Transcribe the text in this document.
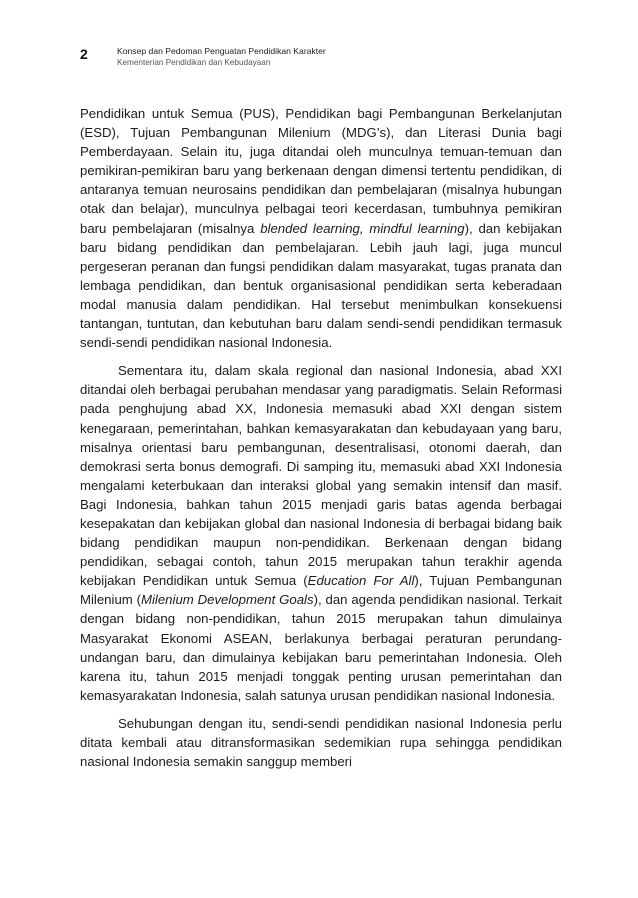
2	Konsep dan Pedoman Penguatan Pendidikan Karakter
Kementerian Pendidikan dan Kebudayaan

Pendidikan untuk Semua (PUS), Pendidikan bagi Pembangunan Berkelanjutan (ESD), Tujuan Pembangunan Milenium (MDG’s), dan Literasi Dunia bagi Pemberdayaan. Selain itu, juga ditandai oleh munculnya temuan-temuan dan pemikiran-pemikiran baru yang berkenaan dengan dimensi tertentu pendidikan, di antaranya temuan neurosains pendidikan dan pembelajaran (misalnya hubungan otak dan belajar), munculnya pelbagai teori kecerdasan, tumbuhnya pemikiran baru pembelajaran (misalnya blended learning, mindful learning), dan kebijakan baru bidang pendidikan dan pembelajaran. Lebih jauh lagi, juga muncul pergeseran peranan dan fungsi pendidikan dalam masyarakat, tugas pranata dan lembaga pendidikan, dan bentuk organisasional pendidikan serta keberadaan modal manusia dalam pendidikan. Hal tersebut menimbulkan konsekuensi tantangan, tuntutan, dan kebutuhan baru dalam sendi-sendi pendidikan termasuk sendi-sendi pendidikan nasional Indonesia.

Sementara itu, dalam skala regional dan nasional Indonesia, abad XXI ditandai oleh berbagai perubahan mendasar yang paradigmatis. Selain Reformasi pada penghujung abad XX, Indonesia memasuki abad XXI dengan sistem kenegaraan, pemerintahan, bahkan kemasyarakatan dan kebudayaan yang baru, misalnya orientasi baru pembangunan, desentralisasi, otonomi daerah, dan demokrasi serta bonus demografi. Di samping itu, memasuki abad XXI Indonesia mengalami keterbukaan dan interaksi global yang semakin intensif dan masif. Bagi Indonesia, bahkan tahun 2015 menjadi garis batas agenda berbagai kesepakatan dan kebijakan global dan nasional Indonesia di berbagai bidang baik bidang pendidikan maupun non-pendidikan. Berkenaan dengan bidang pendidikan, sebagai contoh, tahun 2015 merupakan tahun terakhir agenda kebijakan Pendidikan untuk Semua (Education For All), Tujuan Pembangunan Milenium (Milenium Development Goals), dan agenda pendidikan nasional. Terkait dengan bidang non-pendidikan, tahun 2015 merupakan tahun dimulainya Masyarakat Ekonomi ASEAN, berlakunya berbagai peraturan perundang-undangan baru, dan dimulainya kebijakan baru pemerintahan Indonesia. Oleh karena itu, tahun 2015 menjadi tonggak penting urusan pemerintahan dan kemasyarakatan Indonesia, salah satunya urusan pendidikan nasional Indonesia.

Sehubungan dengan itu, sendi-sendi pendidikan nasional Indonesia perlu ditata kembali atau ditransformasikan sedemikian rupa sehingga pendidikan nasional Indonesia semakin sanggup memberi
